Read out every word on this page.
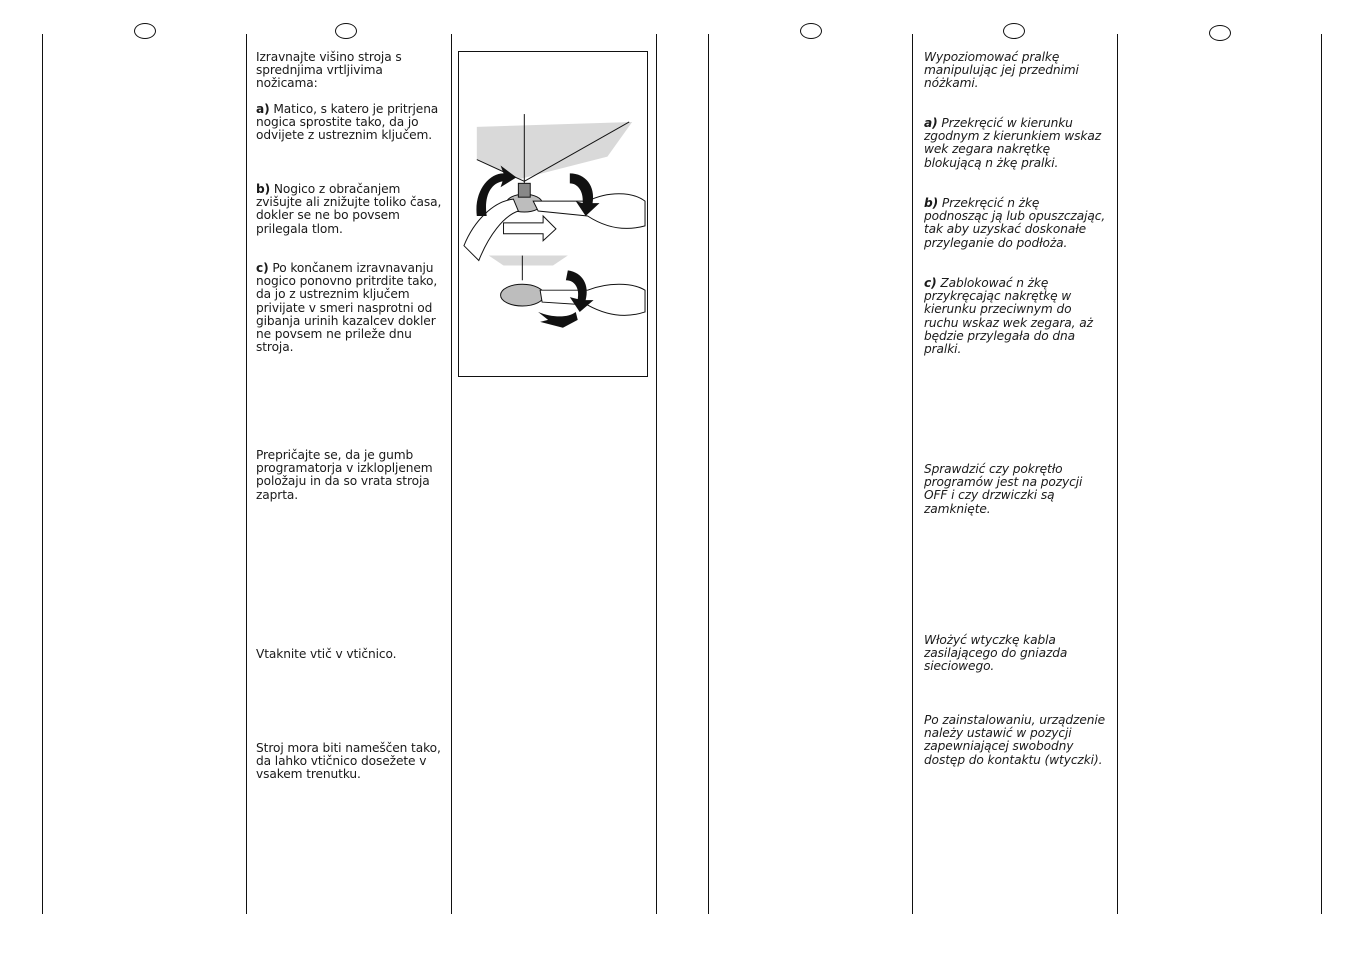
Izravnajte višino stroja s sprednjima vrtljivima nožicama:

a) Matico, s katero je pritrjena nogica sprostite tako, da jo odvijete z ustreznim ključem.

b) Nogico z obračanjem zvišujte ali znižujte toliko časa, dokler se ne bo povsem prilegala tlom.

c) Po končanem izravnavanju nogico ponovno pritrdite tako, da jo z ustreznim ključem privijate v smeri nasprotni od gibanja urinih kazalcev dokler ne povsem ne prileže dnu stroja.

Prepričajte se, da je gumb programatorja v izklopljenem položaju in da so vrata stroja zaprta.

Vtaknite vtič v vtičnico.

Stroj mora biti nameščen tako, da lahko vtičnico dosežete v vsakem trenutku.

Wypoziomować pralkę manipulując jej przednimi nóżkami.

a) Przekręcić w kierunku zgodnym z kierunkiem wskaz wek zegara nakrętkę blokującą n żkę pralki.

b) Przekręcić n żkę podnosząc ją lub opuszczając, tak aby uzyskać doskonałe przyleganie do podłoża.

c) Zablokować n żkę przykręcając nakrętkę w kierunku przeciwnym do ruchu wskaz wek zegara, aż będzie przylegała do dna pralki.

Sprawdzić czy pokrętło programów jest na pozycji OFF i czy drzwiczki są zamknięte.

Włożyć wtyczkę kabla zasilającego do gniazda sieciowego.

Po zainstalowaniu, urządzenie należy ustawić w pozycji zapewniającej swobodny dostęp do kontaktu (wtyczki).
